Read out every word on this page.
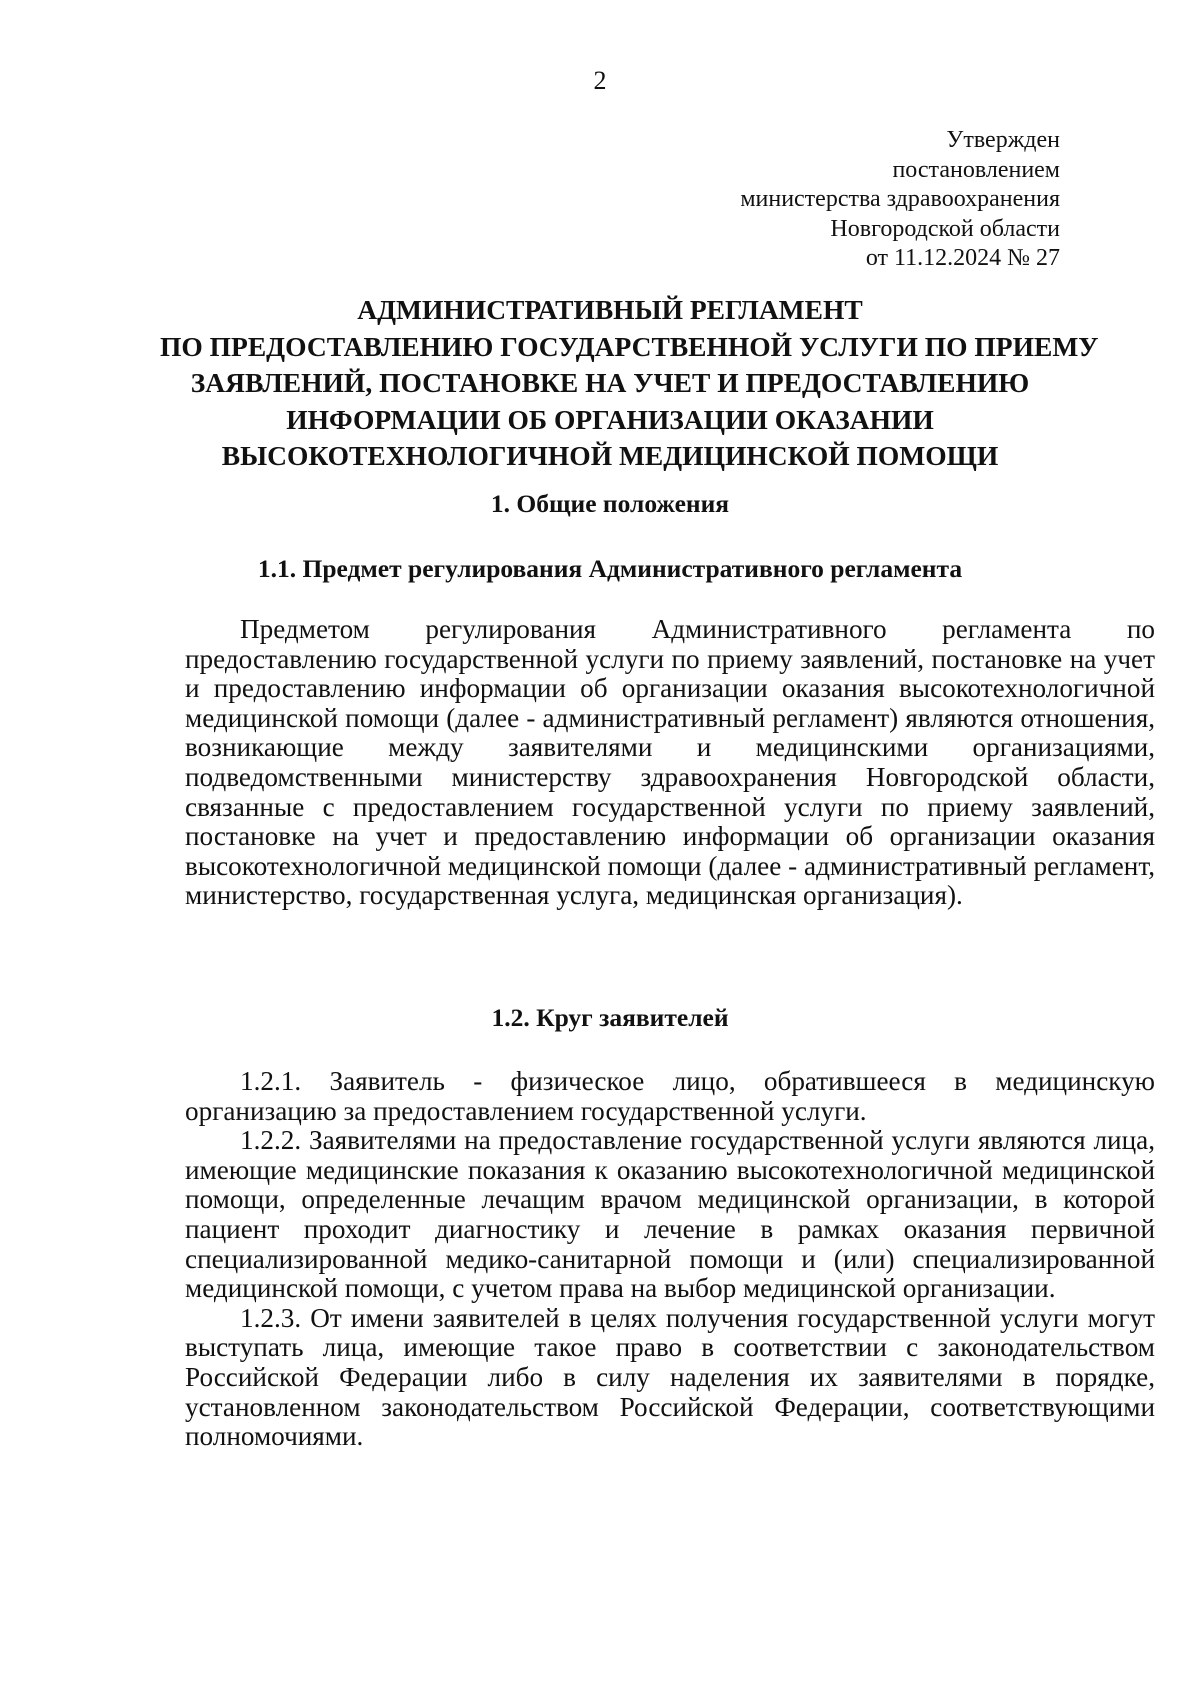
2
Утвержден
постановлением
министерства здравоохранения
Новгородской области
от 11.12.2024 № 27
АДМИНИСТРАТИВНЫЙ РЕГЛАМЕНТ
ПО ПРЕДОСТАВЛЕНИЮ ГОСУДАРСТВЕННОЙ УСЛУГИ ПО ПРИЕМУ
ЗАЯВЛЕНИЙ, ПОСТАНОВКЕ НА УЧЕТ И ПРЕДОСТАВЛЕНИЮ
ИНФОРМАЦИИ ОБ ОРГАНИЗАЦИИ ОКАЗАНИИ
ВЫСОКОТЕХНОЛОГИЧНОЙ МЕДИЦИНСКОЙ ПОМОЩИ
1. Общие положения
1.1. Предмет регулирования Административного регламента

Предметом регулирования Административного регламента по предоставлению государственной услуги по приему заявлений, постановке на учет и предоставлению информации об организации оказания высокотехнологичной медицинской помощи (далее - административный регламент) являются отношения, возникающие между заявителями и медицинскими организациями, подведомственными министерству здравоохранения Новгородской области, связанные с предоставлением государственной услуги по приему заявлений, постановке на учет и предоставлению информации об организации оказания высокотехнологичной медицинской помощи (далее - административный регламент, министерство, государственная услуга, медицинская организация).

1.2. Круг заявителей

1.2.1. Заявитель - физическое лицо, обратившееся в медицинскую организацию за предоставлением государственной услуги.

1.2.2. Заявителями на предоставление государственной услуги являются лица, имеющие медицинские показания к оказанию высокотехнологичной медицинской помощи, определенные лечащим врачом медицинской организации, в которой пациент проходит диагностику и лечение в рамках оказания первичной специализированной медико-санитарной помощи и (или) специализированной медицинской помощи, с учетом права на выбор медицинской организации.

1.2.3. От имени заявителей в целях получения государственной услуги могут выступать лица, имеющие такое право в соответствии с законодательством Российской Федерации либо в силу наделения их заявителями в порядке, установленном законодательством Российской Федерации, соответствующими полномочиями.
